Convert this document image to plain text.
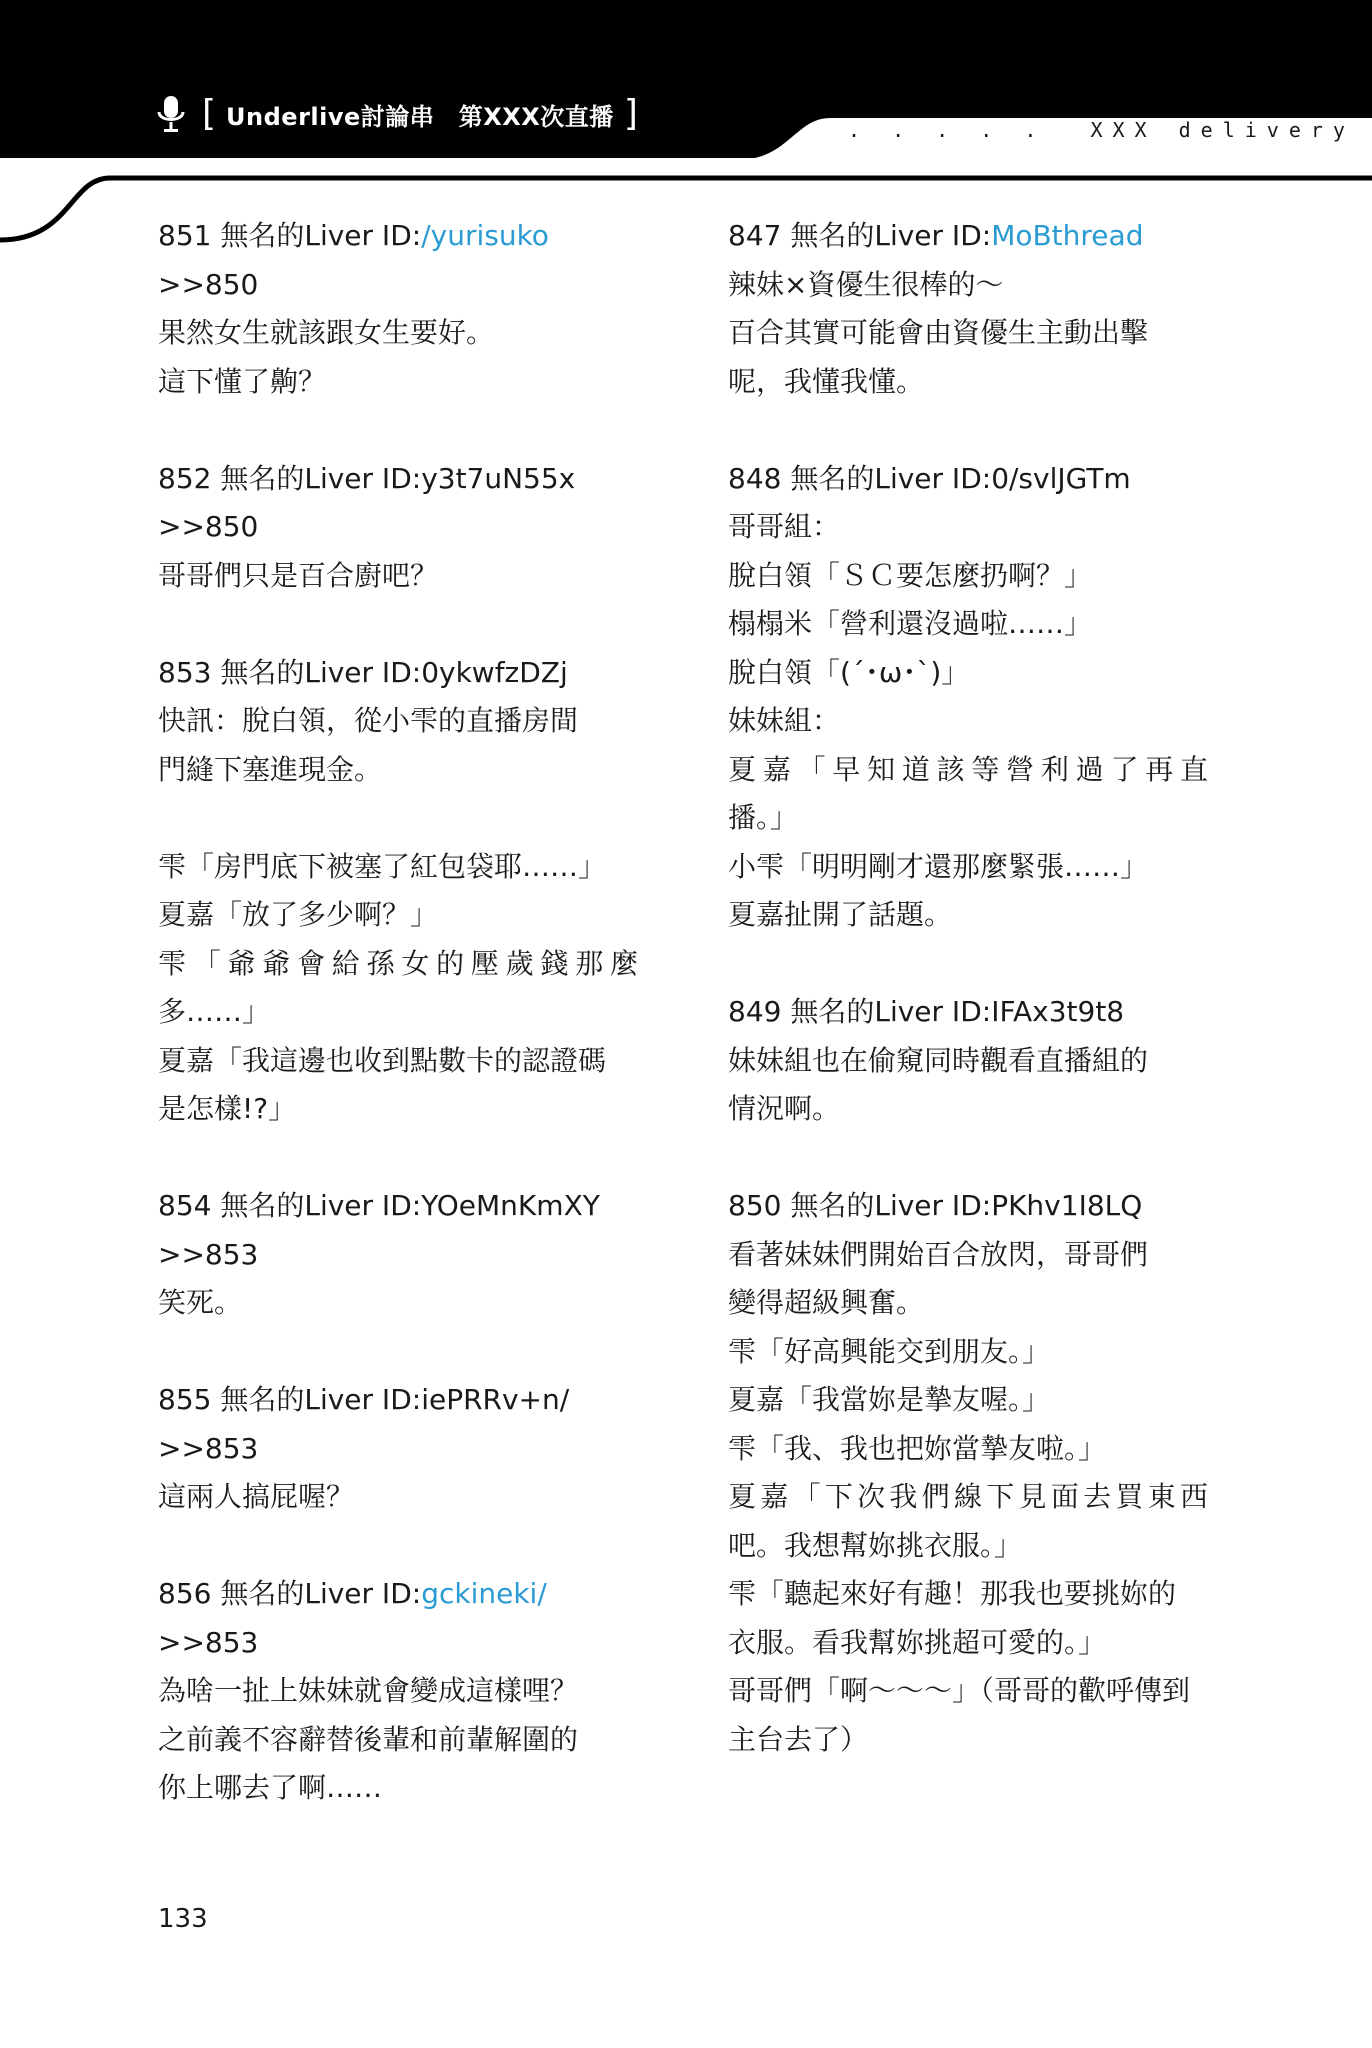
[ Underlive討論串　第XXX次直播 ]	. . . . .  XXX delivery
851 無名的Liver ID:/yurisuko
>>850
果然女生就該跟女生要好。
這下懂了齁？
852 無名的Liver ID:y3t7uN55x
>>850
哥哥們只是百合廚吧？
853 無名的Liver ID:0ykwfzDZj
快訊：脫白領，從小雫的直播房間
門縫下塞進現金。

雫「房門底下被塞了紅包袋耶……」
夏嘉「放了多少啊？」
雫「爺爺會給孫女的壓歲錢那麼
多……」
夏嘉「我這邊也收到點數卡的認證碼
是怎樣!?」
854 無名的Liver ID:YOeMnKmXY
>>853
笑死。
855 無名的Liver ID:iePRRv+n/
>>853
這兩人搞屁喔？
856 無名的Liver ID:gckineki/
>>853
為啥一扯上妹妹就會變成這樣哩？
之前義不容辭替後輩和前輩解圍的
你上哪去了啊……
847 無名的Liver ID:MoBthread
辣妹×資優生很棒的～
百合其實可能會由資優生主動出擊
呢，我懂我懂。
848 無名的Liver ID:0/svlJGTm
哥哥組：
脫白領「ＳＣ要怎麼扔啊？」
榻榻米「營利還沒過啦……」
脫白領「(´･ω･`)」
妹妹組：
夏嘉「早知道該等營利過了再直
播。」
小雫「明明剛才還那麼緊張……」
夏嘉扯開了話題。
849 無名的Liver ID:IFAx3t9t8
妹妹組也在偷窺同時觀看直播組的
情況啊。
850 無名的Liver ID:PKhv1I8LQ
看著妹妹們開始百合放閃，哥哥們
變得超級興奮。
雫「好高興能交到朋友。」
夏嘉「我當妳是摯友喔。」
雫「我、我也把妳當摯友啦。」
夏嘉「下次我們線下見面去買東西
吧。我想幫妳挑衣服。」
雫「聽起來好有趣！那我也要挑妳的
衣服。看我幫妳挑超可愛的。」
哥哥們「啊～～～」（哥哥的歡呼傳到
主台去了）
133
